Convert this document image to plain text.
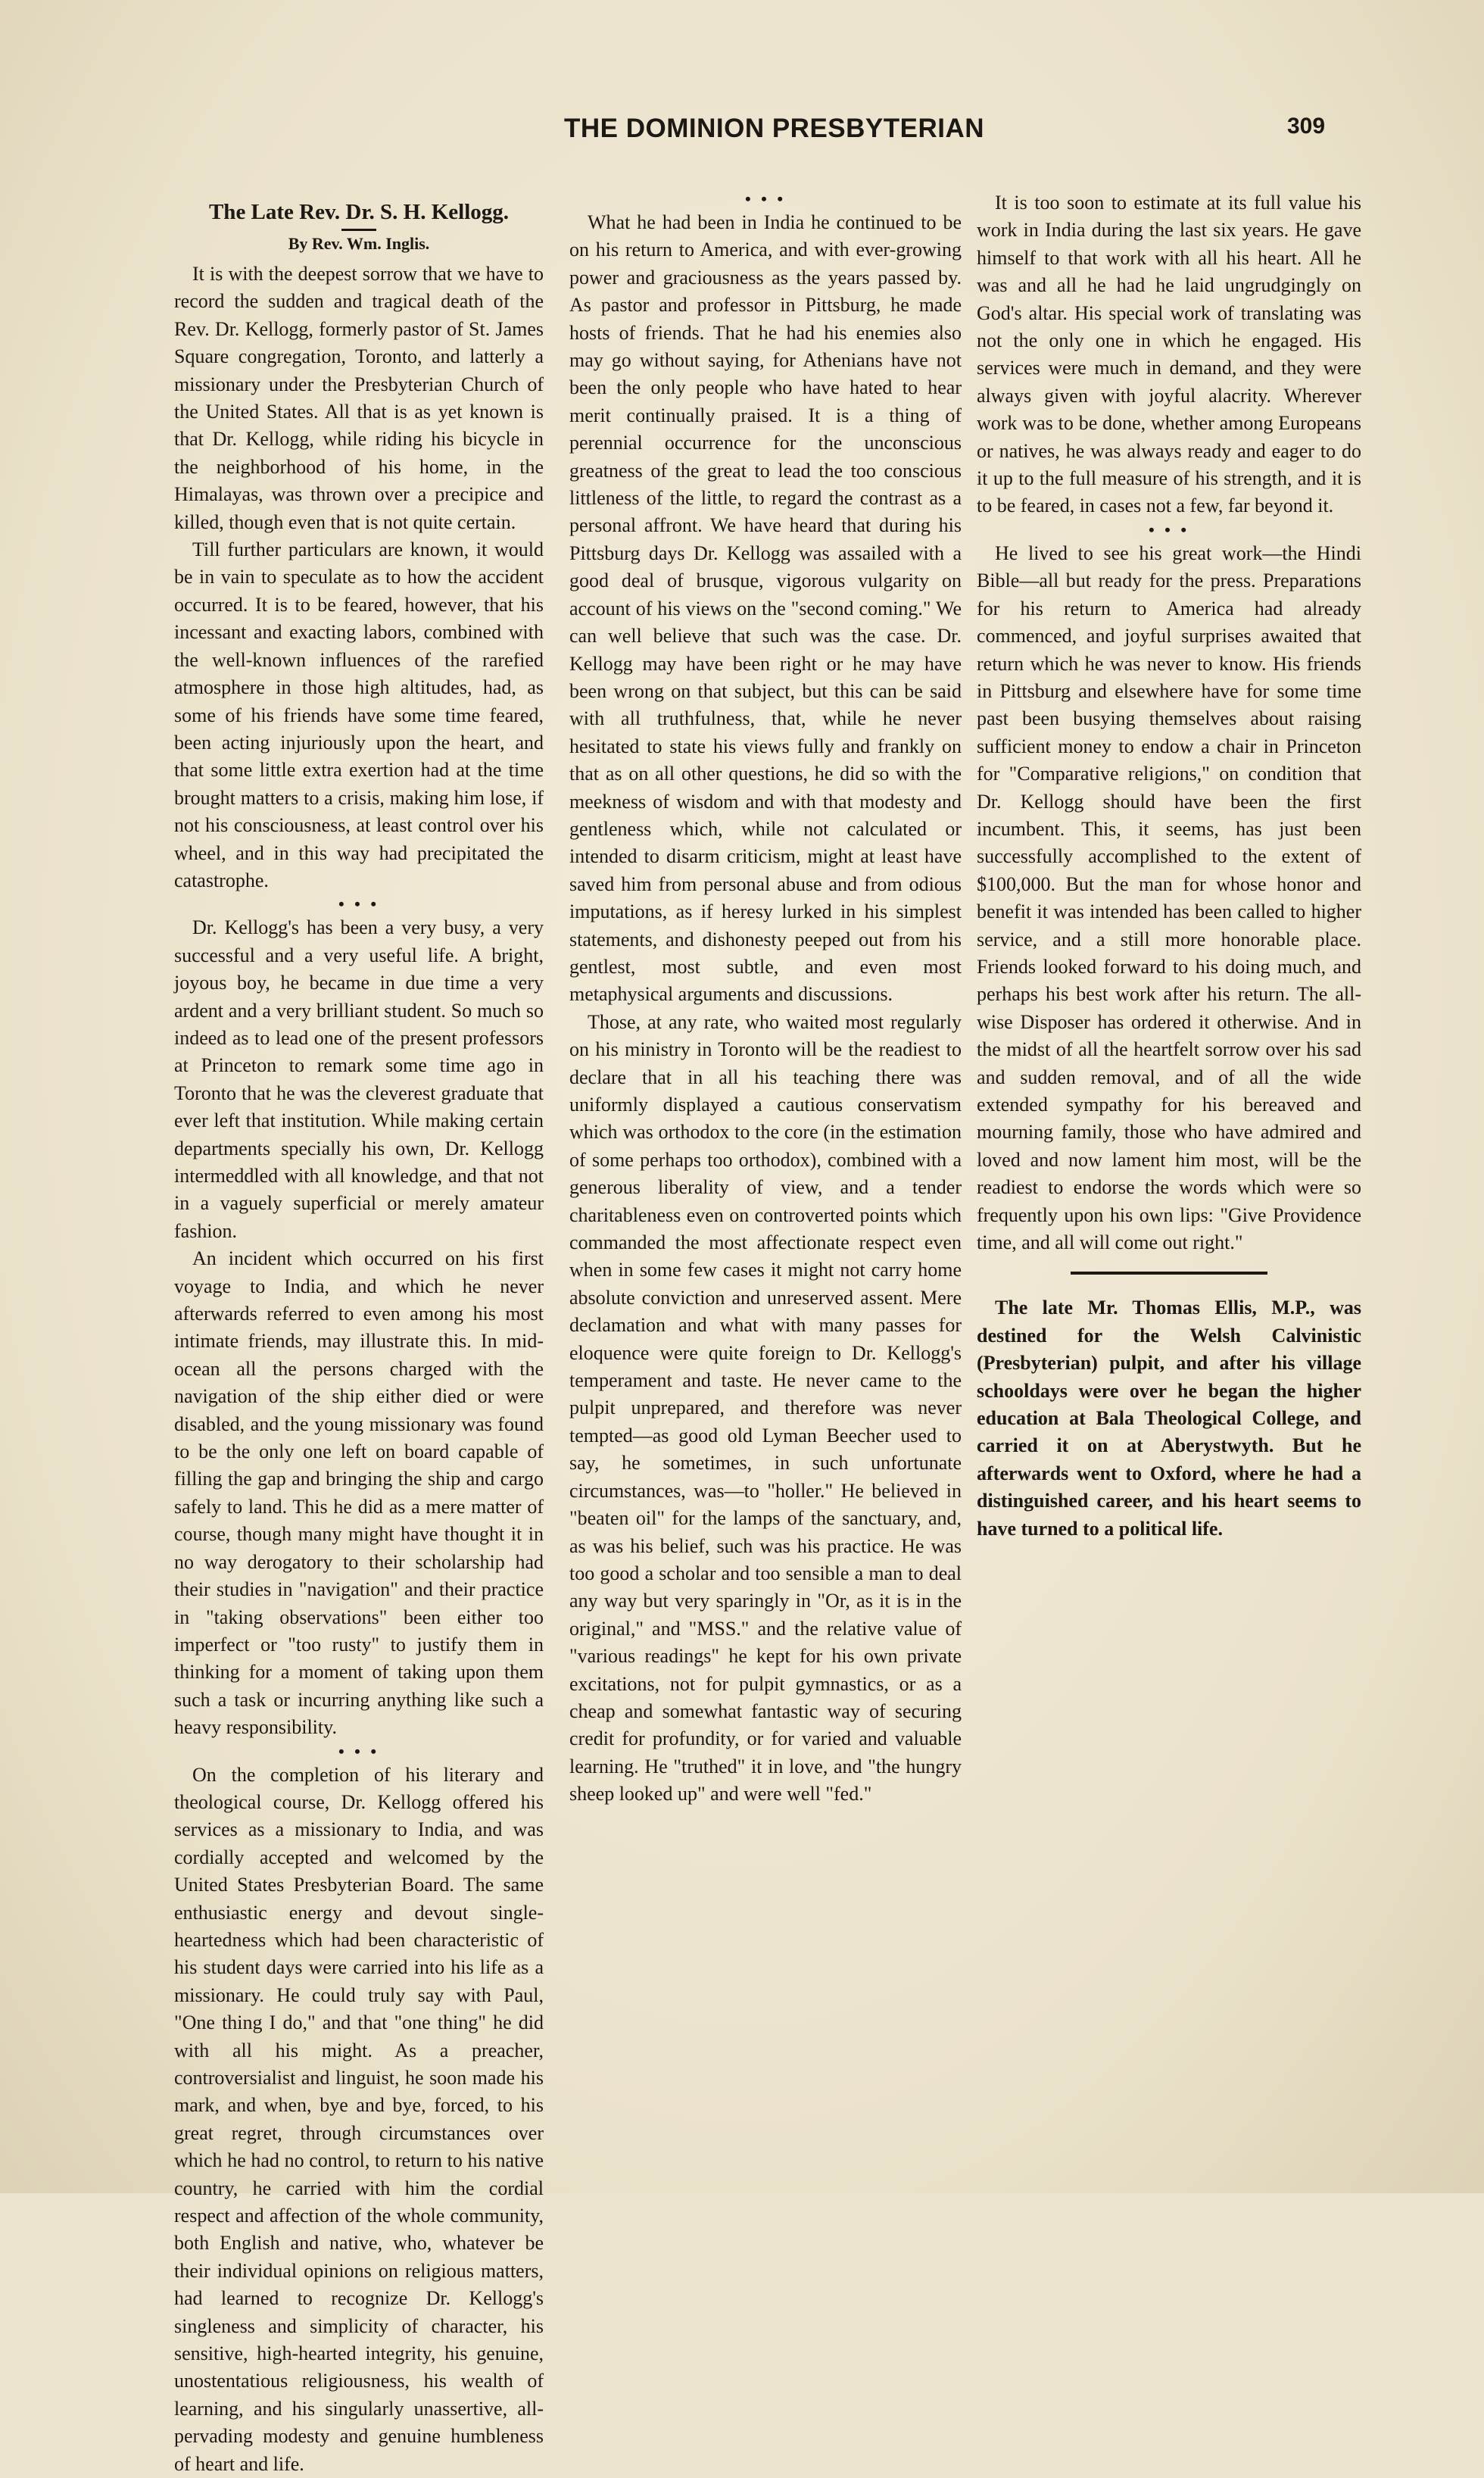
THE DOMINION PRESBYTERIAN	309
The Late Rev. Dr. S. H. Kellogg.
By Rev. Wm. Inglis.

It is with the deepest sorrow that we have to record the sudden and tragical death of the Rev. Dr. Kellogg, formerly pastor of St. James Square congregation, Toronto, and latterly a missionary under the Presbyterian Church of the United States. All that is as yet known is that Dr. Kellogg, while riding his bicycle in the neighborhood of his home, in the Himalayas, was thrown over a precipice and killed, though even that is not quite certain.

Till further particulars are known, it would be in vain to speculate as to how the accident occurred. It is to be feared, however, that his incessant and exacting labors, combined with the well-known influences of the rarefied atmosphere in those high altitudes, had, as some of his friends have some time feared, been acting injuriously upon the heart, and that some little extra exertion had at the time brought matters to a crisis, making him lose, if not his consciousness, at least control over his wheel, and in this way had precipitated the catastrophe.

• • •

Dr. Kellogg's has been a very busy, a very successful and a very useful life. A bright, joyous boy, he became in due time a very ardent and a very brilliant student. So much so indeed as to lead one of the present professors at Princeton to remark some time ago in Toronto that he was the cleverest graduate that ever left that institution. While making certain departments specially his own, Dr. Kellogg intermeddled with all knowledge, and that not in a vaguely superficial or merely amateur fashion.

An incident which occurred on his first voyage to India, and which he never afterwards referred to even among his most intimate friends, may illustrate this. In mid-ocean all the persons charged with the navigation of the ship either died or were disabled, and the young missionary was found to be the only one left on board capable of filling the gap and bringing the ship and cargo safely to land. This he did as a mere matter of course, though many might have thought it in no way derogatory to their scholarship had their studies in "navigation" and their practice in "taking observations" been either too imperfect or "too rusty" to justify them in thinking for a moment of taking upon them such a task or incurring anything like such a heavy responsibility.

• • •

On the completion of his literary and theological course, Dr. Kellogg offered his services as a missionary to India, and was cordially accepted and welcomed by the United States Presbyterian Board. The same enthusiastic energy and devout single-heartedness which had been characteristic of his student days were carried into his life as a missionary. He could truly say with Paul, "One thing I do," and that "one thing" he did with all his might. As a preacher, controversialist and linguist, he soon made his mark, and when, bye and bye, forced, to his great regret, through circumstances over which he had no control, to return to his native country, he carried with him the cordial respect and affection of the whole community, both English and native, who, whatever be their individual opinions on religious matters, had learned to recognize Dr. Kellogg's singleness and simplicity of character, his sensitive, high-hearted integrity, his genuine, unostentatious religiousness, his wealth of learning, and his singularly unassertive, all-pervading modesty and genuine humbleness of heart and life.

• • •

What he had been in India he continued to be on his return to America, and with ever-growing power and graciousness as the years passed by. As pastor and professor in Pittsburg, he made hosts of friends. That he had his enemies also may go without saying, for Athenians have not been the only people who have hated to hear merit continually praised. It is a thing of perennial occurrence for the unconscious greatness of the great to lead the too conscious littleness of the little, to regard the contrast as a personal affront. We have heard that during his Pittsburg days Dr. Kellogg was assailed with a good deal of brusque, vigorous vulgarity on account of his views on the "second coming." We can well believe that such was the case. Dr. Kellogg may have been right or he may have been wrong on that subject, but this can be said with all truthfulness, that, while he never hesitated to state his views fully and frankly on that as on all other questions, he did so with the meekness of wisdom and with that modesty and gentleness which, while not calculated or intended to disarm criticism, might at least have saved him from personal abuse and from odious imputations, as if heresy lurked in his simplest statements, and dishonesty peeped out from his gentlest, most subtle, and even most metaphysical arguments and discussions.

Those, at any rate, who waited most regularly on his ministry in Toronto will be the readiest to declare that in all his teaching there was uniformly displayed a cautious conservatism which was orthodox to the core (in the estimation of some perhaps too orthodox), combined with a generous liberality of view, and a tender charitableness even on controverted points which commanded the most affectionate respect even when in some few cases it might not carry home absolute conviction and unreserved assent. Mere declamation and what with many passes for eloquence were quite foreign to Dr. Kellogg's temperament and taste. He never came to the pulpit unprepared, and therefore was never tempted—as good old Lyman Beecher used to say, he sometimes, in such unfortunate circumstances, was—to "holler." He believed in "beaten oil" for the lamps of the sanctuary, and, as was his belief, such was his practice. He was too good a scholar and too sensible a man to deal any way but very sparingly in "Or, as it is in the original," and "MSS." and the relative value of "various readings" he kept for his own private excitations, not for pulpit gymnastics, or as a cheap and somewhat fantastic way of securing credit for profundity, or for varied and valuable learning. He "truthed" it in love, and "the hungry sheep looked up" and were well "fed."

It is too soon to estimate at its full value his work in India during the last six years. He gave himself to that work with all his heart. All he was and all he had he laid ungrudgingly on God's altar. His special work of translating was not the only one in which he engaged. His services were much in demand, and they were always given with joyful alacrity. Wherever work was to be done, whether among Europeans or natives, he was always ready and eager to do it up to the full measure of his strength, and it is to be feared, in cases not a few, far beyond it.

• • •

He lived to see his great work—the Hindi Bible—all but ready for the press. Preparations for his return to America had already commenced, and joyful surprises awaited that return which he was never to know. His friends in Pittsburg and elsewhere have for some time past been busying themselves about raising sufficient money to endow a chair in Princeton for "Comparative religions," on condition that Dr. Kellogg should have been the first incumbent. This, it seems, has just been successfully accomplished to the extent of $100,000. But the man for whose honor and benefit it was intended has been called to higher service, and a still more honorable place. Friends looked forward to his doing much, and perhaps his best work after his return. The all-wise Disposer has ordered it otherwise. And in the midst of all the heartfelt sorrow over his sad and sudden removal, and of all the wide extended sympathy for his bereaved and mourning family, those who have admired and loved and now lament him most, will be the readiest to endorse the words which were so frequently upon his own lips: "Give Providence time, and all will come out right."

The late Mr. Thomas Ellis, M.P., was destined for the Welsh Calvinistic (Presbyterian) pulpit, and after his village schooldays were over he began the higher education at Bala Theological College, and carried it on at Aberystwyth. But he afterwards went to Oxford, where he had a distinguished career, and his heart seems to have turned to a political life.
